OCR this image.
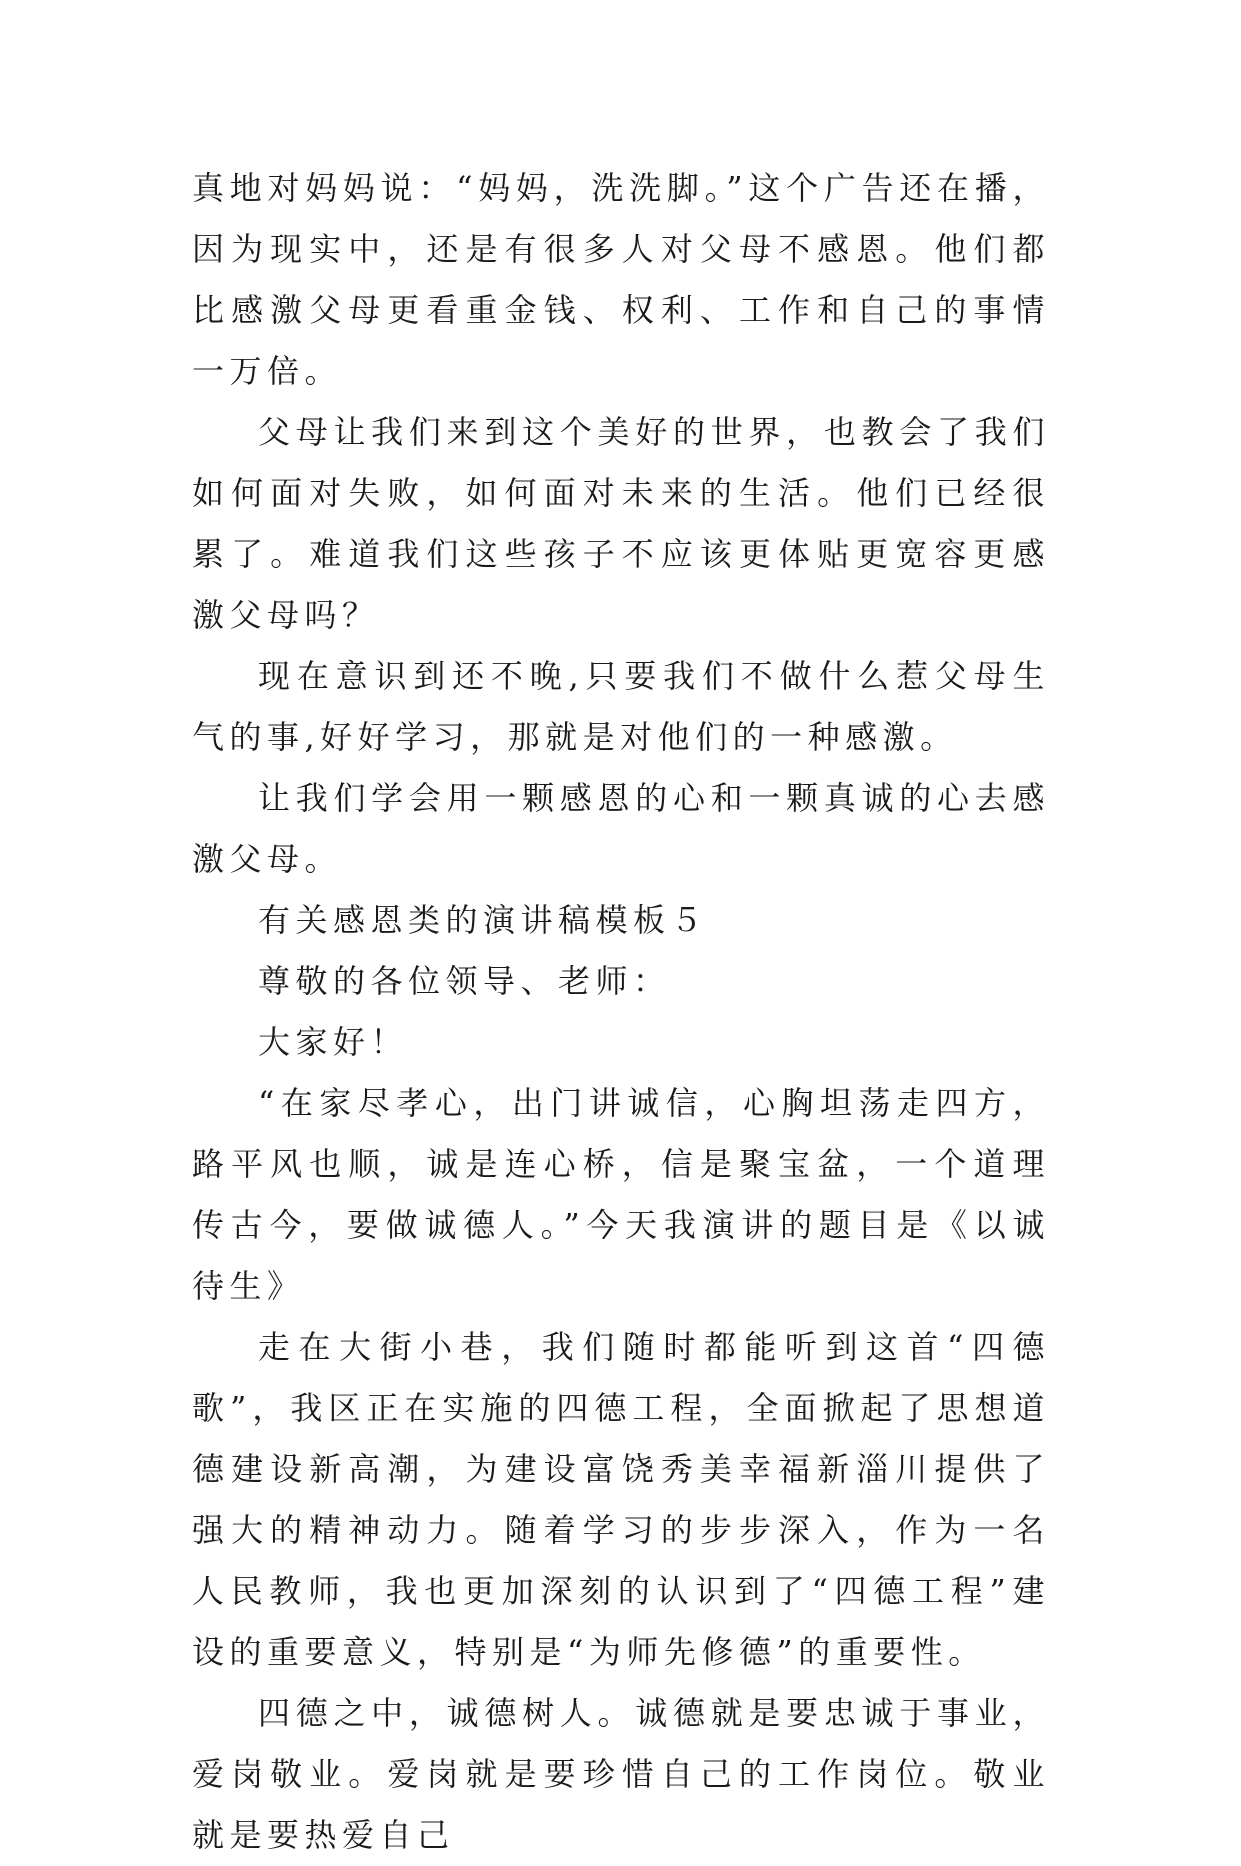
真地对妈妈说：“妈妈，洗洗脚。”这个广告还在播，因为现实中，还是有很多人对父母不感恩。他们都比感激父母更看重金钱、权利、工作和自己的事情一万倍。

父母让我们来到这个美好的世界，也教会了我们如何面对失败，如何面对未来的生活。他们已经很累了。难道我们这些孩子不应该更体贴更宽容更感激父母吗？

现在意识到还不晚,只要我们不做什么惹父母生气的事,好好学习，那就是对他们的一种感激。

让我们学会用一颗感恩的心和一颗真诚的心去感激父母。

有关感恩类的演讲稿模板５

尊敬的各位领导、老师：

大家好！

“在家尽孝心，出门讲诚信，心胸坦荡走四方，路平风也顺，诚是连心桥，信是聚宝盆，一个道理传古今，要做诚德人。”今天我演讲的题目是《以诚待生》

走在大街小巷，我们随时都能听到这首“四德歌”，我区正在实施的四德工程，全面掀起了思想道德建设新高潮，为建设富饶秀美幸福新淄川提供了强大的精神动力。随着学习的步步深入，作为一名人民教师，我也更加深刻的认识到了“四德工程”建设的重要意义，特别是“为师先修德”的重要性。

四德之中，诚德树人。诚德就是要忠诚于事业，爱岗敬业。爱岗就是要珍惜自己的工作岗位。敬业就是要热爱自己
